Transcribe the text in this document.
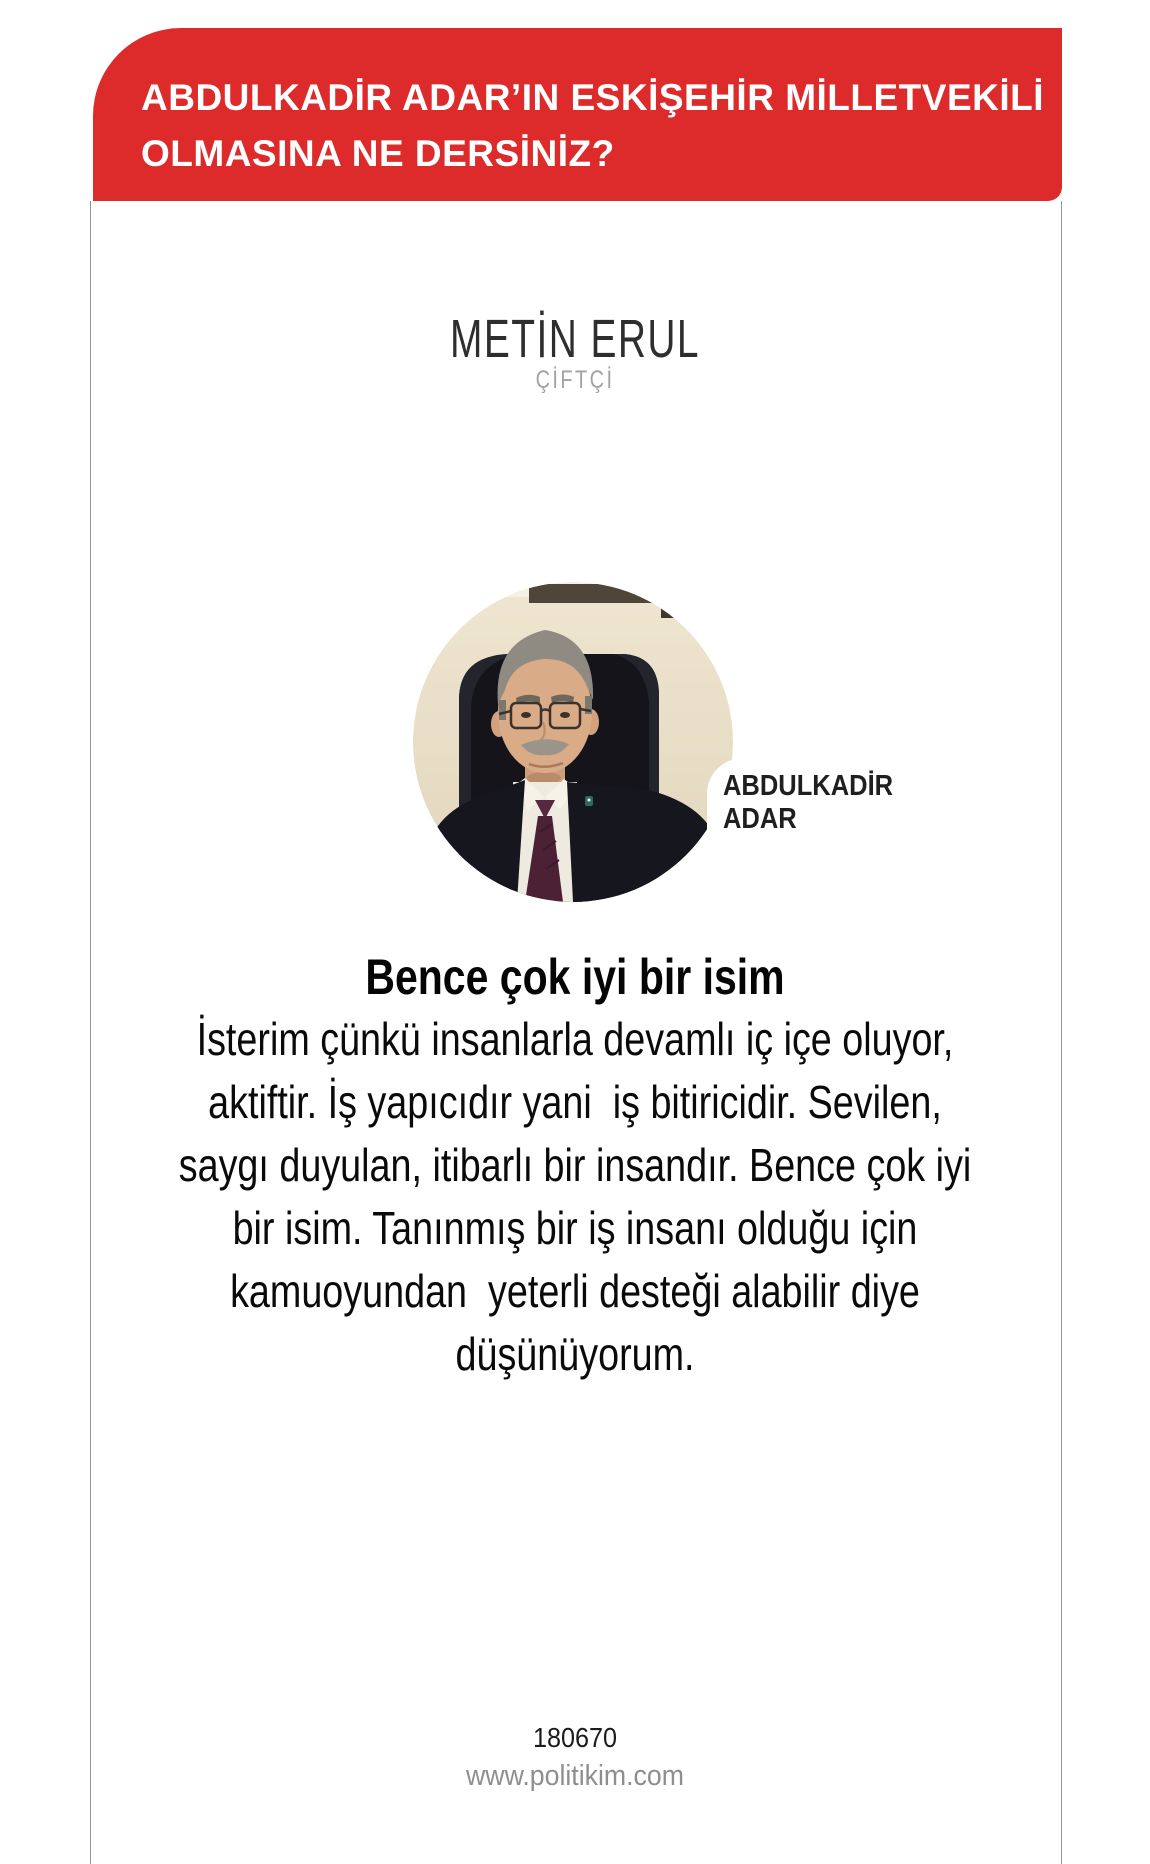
ABDULKADİR ADAR’IN ESKİŞEHİR MİLLETVEKİLİ
OLMASINA NE DERSİNİZ?
METİN ERUL
ÇİFTÇİ
ABDULKADİR
ADAR
Bence çok iyi bir isim
İsterim çünkü insanlarla devamlı iç içe oluyor,
aktiftir. İş yapıcıdır yani  iş bitiricidir. Sevilen,
saygı duyulan, itibarlı bir insandır. Bence çok iyi
bir isim. Tanınmış bir iş insanı olduğu için
kamuoyundan  yeterli desteği alabilir diye
düşünüyorum.
180670
www.politikim.com
